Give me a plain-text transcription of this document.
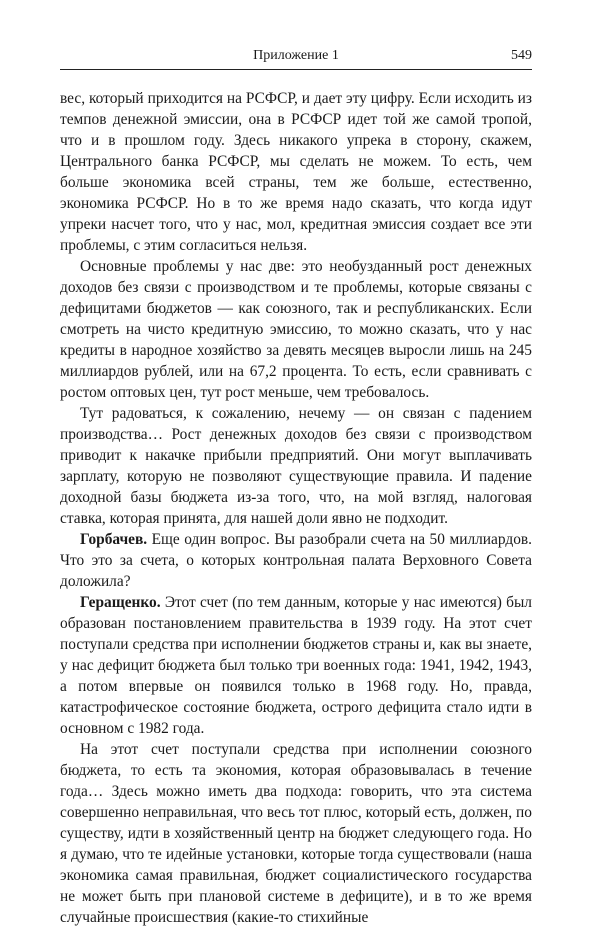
Приложение 1	549

вес, который приходится на РСФСР, и дает эту цифру. Если исходить из темпов денежной эмиссии, она в РСФСР идет той же самой тропой, что и в прошлом году. Здесь никакого упрека в сторону, скажем, Центрального банка РСФСР, мы сделать не можем. То есть, чем больше экономика всей страны, тем же больше, естественно, экономика РСФСР. Но в то же время надо сказать, что когда идут упреки насчет того, что у нас, мол, кредитная эмиссия создает все эти проблемы, с этим согласиться нельзя.

Основные проблемы у нас две: это необузданный рост денежных доходов без связи с производством и те проблемы, которые связаны с дефицитами бюджетов — как союзного, так и республиканских. Если смотреть на чисто кредитную эмиссию, то можно сказать, что у нас кредиты в народное хозяйство за девять месяцев выросли лишь на 245 миллиардов рублей, или на 67,2 процента. То есть, если сравнивать с ростом оптовых цен, тут рост меньше, чем требовалось.

Тут радоваться, к сожалению, нечему — он связан с падением производства… Рост денежных доходов без связи с производством приводит к накачке прибыли предприятий. Они могут выплачивать зарплату, которую не позволяют существующие правила. И падение доходной базы бюджета из-за того, что, на мой взгляд, налоговая ставка, которая принята, для нашей доли явно не подходит.

Горбачев. Еще один вопрос. Вы разобрали счета на 50 миллиардов. Что это за счета, о которых контрольная палата Верховного Совета доложила?

Геращенко. Этот счет (по тем данным, которые у нас имеются) был образован постановлением правительства в 1939 году. На этот счет поступали средства при исполнении бюджетов страны и, как вы знаете, у нас дефицит бюджета был только три военных года: 1941, 1942, 1943, а потом впервые он появился только в 1968 году. Но, правда, катастрофическое состояние бюджета, острого дефицита стало идти в основном с 1982 года.

На этот счет поступали средства при исполнении союзного бюджета, то есть та экономия, которая образовывалась в течение года… Здесь можно иметь два подхода: говорить, что эта система совершенно неправильная, что весь тот плюс, который есть, должен, по существу, идти в хозяйственный центр на бюджет следующего года. Но я думаю, что те идейные установки, которые тогда существовали (наша экономика самая правильная, бюджет социалистического государства не может быть при плановой системе в дефиците), и в то же время случайные происшествия (какие-то стихийные
